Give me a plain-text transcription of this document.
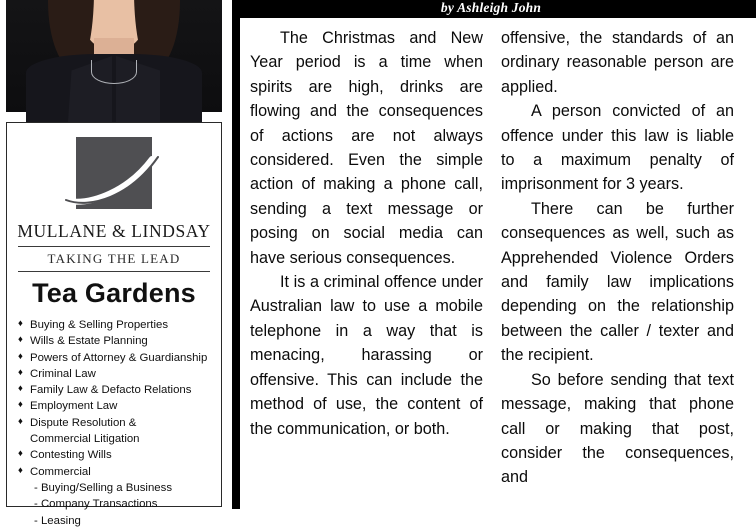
MULLANE & LINDSAY
TAKING THE LEAD
Tea Gardens
♦ Buying & Selling Properties
♦ Wills & Estate Planning
♦ Powers of Attorney & Guardianship
♦ Criminal Law
♦ Family Law & Defacto Relations
♦ Employment Law
♦ Dispute Resolution &
Commercial Litigation
♦ Contesting Wills
♦ Commercial
- Buying/Selling a Business
- Company Transactions
- Leasing
by Ashleigh John

The Christmas and New Year period is a time when spirits are high, drinks are flowing and the consequences of actions are not always considered. Even the simple action of making a phone call, sending a text message or posing on social media can have serious consequences.

It is a criminal offence under Australian law to use a mobile telephone in a way that is menacing, harassing or offensive. This can include the method of use, the content of the communication, or both.

offensive, the standards of an ordinary reasonable person are applied.

A person convicted of an offence under this law is liable to a maximum penalty of imprisonment for 3 years.

There can be further consequences as well, such as Apprehended Violence Orders and family law implications depending on the relationship between the caller / texter and the recipient.

So before sending that text message, making that phone call or making that post, consider the consequences, and
